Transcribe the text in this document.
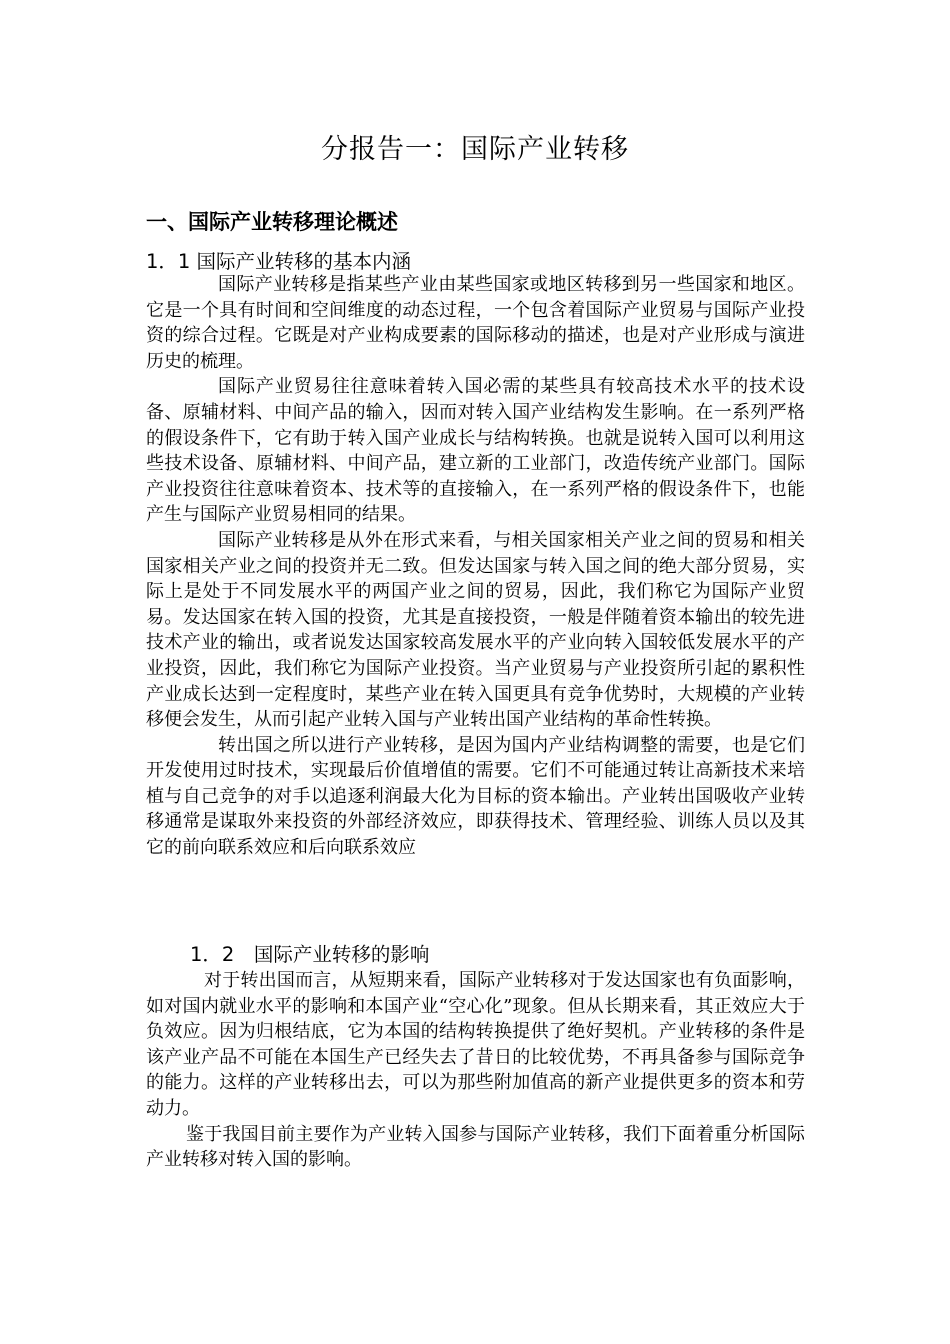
分报告一：国际产业转移
一、国际产业转移理论概述
1．1 国际产业转移的基本内涵

国际产业转移是指某些产业由某些国家或地区转移到另一些国家和地区。它是一个具有时间和空间维度的动态过程，一个包含着国际产业贸易与国际产业投资的综合过程。它既是对产业构成要素的国际移动的描述，也是对产业形成与演进历史的梳理。

国际产业贸易往往意味着转入国必需的某些具有较高技术水平的技术设备、原辅材料、中间产品的输入，因而对转入国产业结构发生影响。在一系列严格的假设条件下，它有助于转入国产业成长与结构转换。也就是说转入国可以利用这些技术设备、原辅材料、中间产品，建立新的工业部门，改造传统产业部门。国际产业投资往往意味着资本、技术等的直接输入，在一系列严格的假设条件下，也能产生与国际产业贸易相同的结果。

国际产业转移是从外在形式来看，与相关国家相关产业之间的贸易和相关国家相关产业之间的投资并无二致。但发达国家与转入国之间的绝大部分贸易，实际上是处于不同发展水平的两国产业之间的贸易，因此，我们称它为国际产业贸易。发达国家在转入国的投资，尤其是直接投资，一般是伴随着资本输出的较先进技术产业的输出，或者说发达国家较高发展水平的产业向转入国较低发展水平的产业投资，因此，我们称它为国际产业投资。当产业贸易与产业投资所引起的累积性产业成长达到一定程度时，某些产业在转入国更具有竞争优势时，大规模的产业转移便会发生，从而引起产业转入国与产业转出国产业结构的革命性转换。

转出国之所以进行产业转移，是因为国内产业结构调整的需要，也是它们开发使用过时技术，实现最后价值增值的需要。它们不可能通过转让高新技术来培植与自己竞争的对手以追逐利润最大化为目标的资本输出。产业转出国吸收产业转移通常是谋取外来投资的外部经济效应，即获得技术、管理经验、训练人员以及其它的前向联系效应和后向联系效应

1．2　国际产业转移的影响

对于转出国而言，从短期来看，国际产业转移对于发达国家也有负面影响，如对国内就业水平的影响和本国产业“空心化”现象。但从长期来看，其正效应大于负效应。因为归根结底，它为本国的结构转换提供了绝好契机。产业转移的条件是该产业产品不可能在本国生产已经失去了昔日的比较优势，不再具备参与国际竞争的能力。这样的产业转移出去，可以为那些附加值高的新产业提供更多的资本和劳动力。

鉴于我国目前主要作为产业转入国参与国际产业转移，我们下面着重分析国际产业转移对转入国的影响。
